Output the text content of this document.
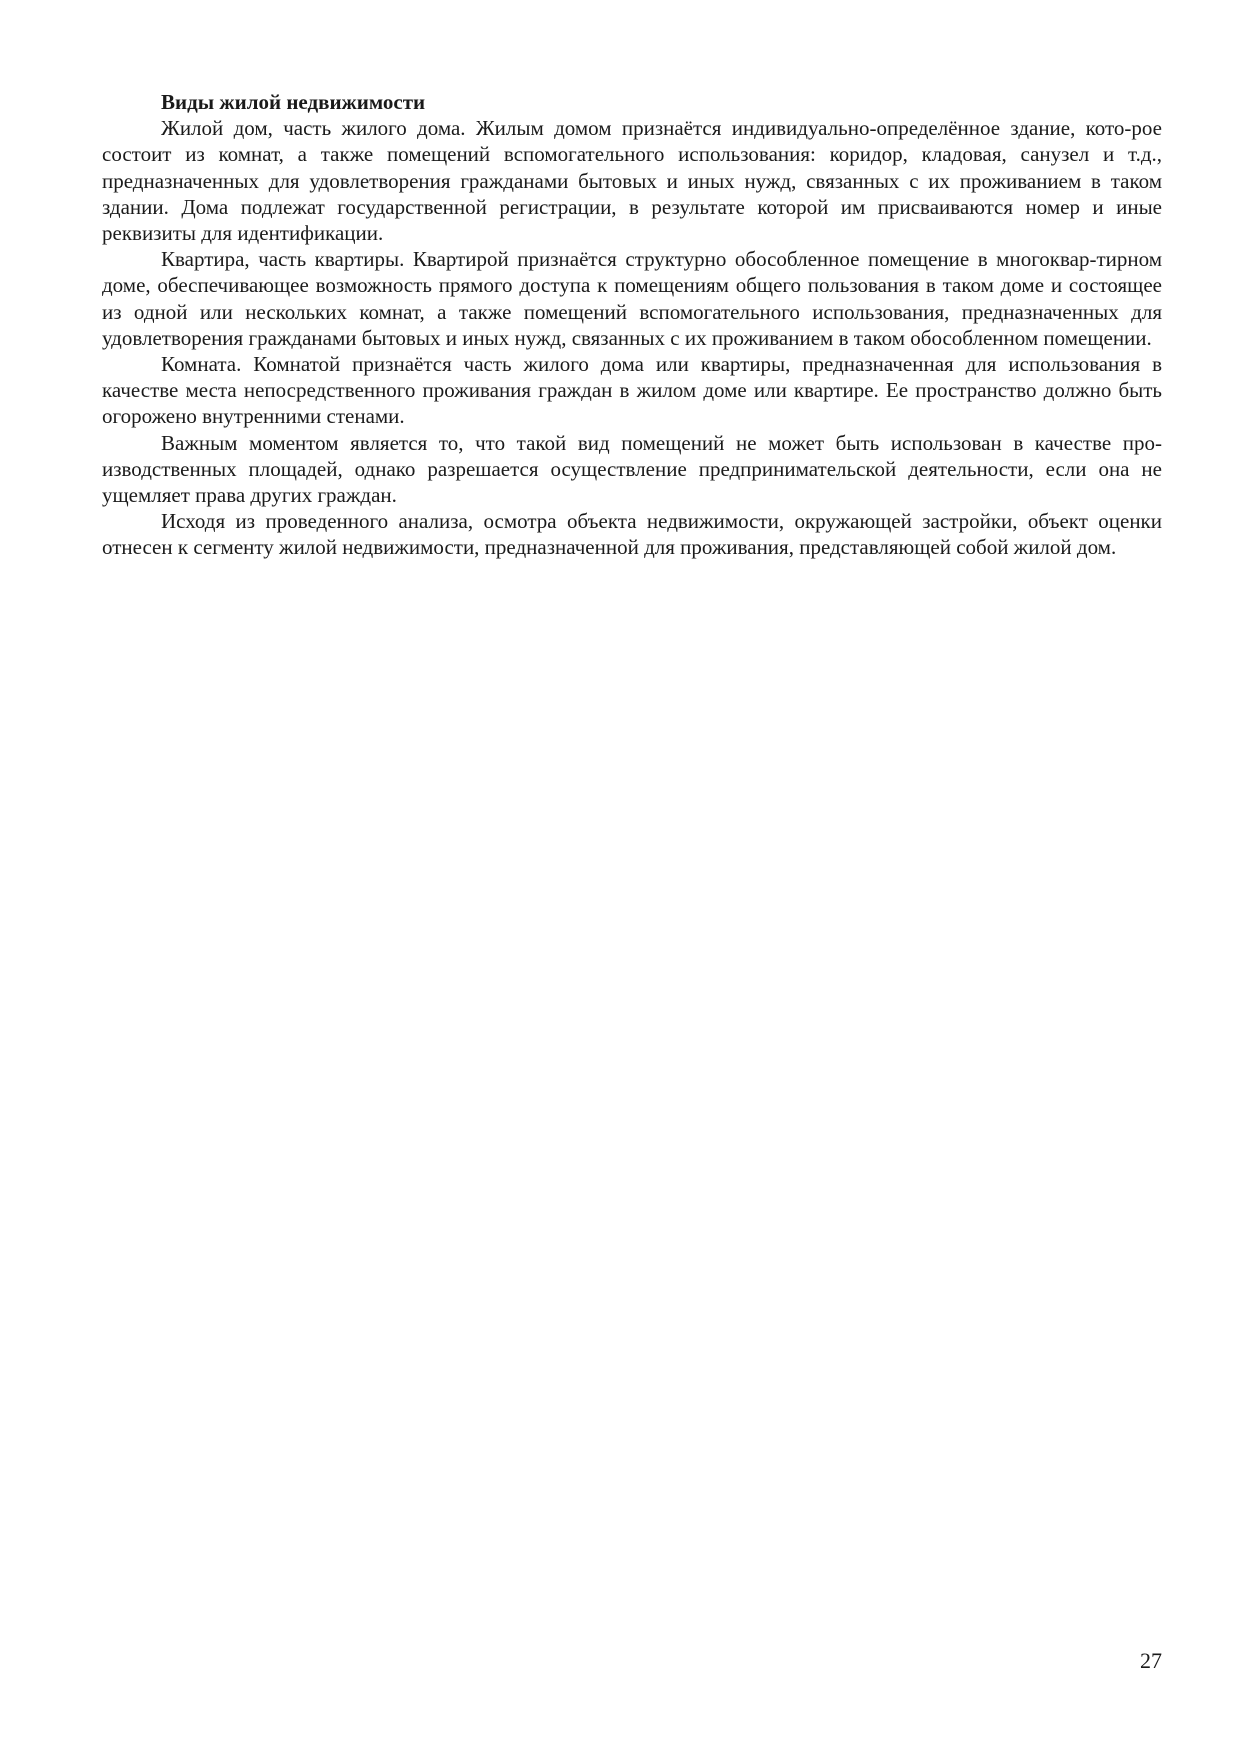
Виды жилой недвижимости

Жилой дом, часть жилого дома. Жилым домом признаётся индивидуально-определённое здание, кото-рое состоит из комнат, а также помещений вспомогательного использования: коридор, кладовая, санузел и т.д., предназначенных для удовлетворения гражданами бытовых и иных нужд, связанных с их проживанием в таком здании. Дома подлежат государственной регистрации, в результате которой им присваиваются номер и иные реквизиты для идентификации.

Квартира, часть квартиры. Квартирой признаётся структурно обособленное помещение в многоквар-тирном доме, обеспечивающее возможность прямого доступа к помещениям общего пользования в таком доме и состоящее из одной или нескольких комнат, а также помещений вспомогательного использования, предназначенных для удовлетворения гражданами бытовых и иных нужд, связанных с их проживанием в таком обособленном помещении.

Комната. Комнатой признаётся часть жилого дома или квартиры, предназначенная для использования в качестве места непосредственного проживания граждан в жилом доме или квартире. Ее пространство должно быть огорожено внутренними стенами.

Важным моментом является то, что такой вид помещений не может быть использован в качестве про-изводственных площадей, однако разрешается осуществление предпринимательской деятельности, если она не ущемляет права других граждан.

Исходя из проведенного анализа, осмотра объекта недвижимости, окружающей застройки, объект оценки отнесен к сегменту жилой недвижимости, предназначенной для проживания, представляющей собой жилой дом.

27
